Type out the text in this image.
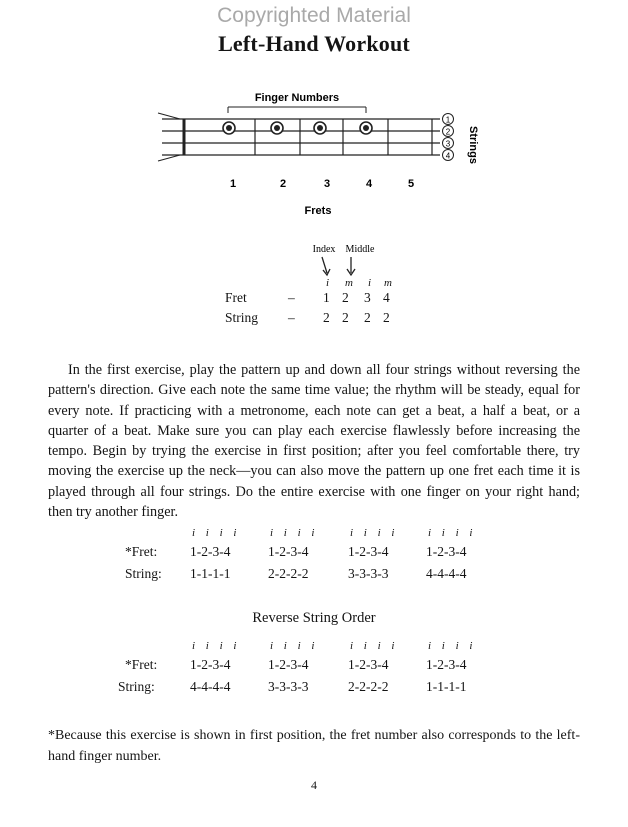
Copyrighted Material
Left-Hand Workout
Finger Numbers
1	2	3	4	5
1
2
3
4 Strings
Frets
Index Middle
i m i m
Fret	– 1 2 3 4
String – 2 2 2 2

In the first exercise, play the pattern up and down all four strings without reversing the pattern's direction. Give each note the same time value; the rhythm will be steady, equal for every note. If practicing with a metronome, each note can get a beat, a half a beat, or a quarter of a beat. Make sure you can play each exercise flawlessly before increasing the tempo. Begin by trying the exercise in first position; after you feel comfortable there, try moving the exercise up the neck—you can also move the pattern up one fret each time it is played through all four strings. Do the entire exercise with one finger on your right hand; then try another finger.

i i i i	i i i i	i i i i	i i i i
*Fret: 1-2-3-4	1-2-3-4	1-2-3-4	1-2-3-4
String: 1-1-1-1	2-2-2-2	3-3-3-3	4-4-4-4
Reverse String Order
i i i i	i i i i	i i i i	i i i i
*Fret: 1-2-3-4	1-2-3-4	1-2-3-4	1-2-3-4
String:	4-4-4-4	3-3-3-3	2-2-2-2	1-1-1-1

*Because this exercise is shown in first position, the fret number also corresponds to the left-hand finger number.

4
